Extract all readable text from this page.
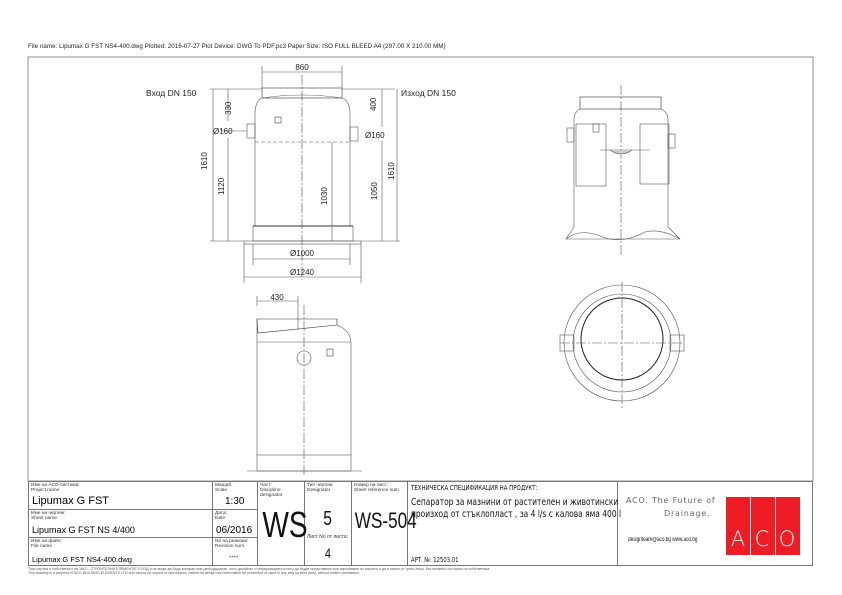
File name: Lipumax G FST NS4-400.dwg Plotted: 2016-07-27 Plot Device: DWG To PDF.pc3 Paper Size: ISO FULL BLEED A4 (297.00 X 210.00 MM)
860
330
Ø160
1610
1120
1030
400
Ø160
1050
1610
Ø1000
Ø1240
Вход DN 150	Изход DN 150
430
Име на ACO система:
Project name
Lipumax G FST
Мащаб:
Scale
1:30
Име на чертеж:
Sheet name
Lipumax G FST NS 4/400
Дата:
Date
06/2016
Име на файл:
File name
Lipumax G FST NS4-400.dwg
No на ревизия:
Revision num.
----
Част:
Discipline designator
WS
Тип чертеж:
Designator
5
Лист No от листа:
4
Номер на лист:
Sheet reference num.
WS-504
ТЕХНИЧЕСКА СПЕЦИФИКАЦИЯ НА ПРОДУКТ:
Сепаратор за мазнини от растителен и животински
произход от стъклопласт , за 4 l/s с калова яма 400 l
АРТ. №: 12503.01
ACO. The Future of
Drainage.
designteam@aco.bg www.aco.bg A C O
Този чертеж е собственост на "АКО - СТРОИТЕЛНИ ЕЛЕМЕНТИ" ЕООД и не може да бъде копиран или репродуциран, нито дизайнът и информацията в него да бъдат представяни или използвани по какъвто и да е начин от трети лица, без писмено съгласие на собственика.
This drawing is a property of ACO BUILDING ELEMENTS LTD and cannot be copied or reproduced, neither its design and information be presented or used in any way by third party, without written permission.
